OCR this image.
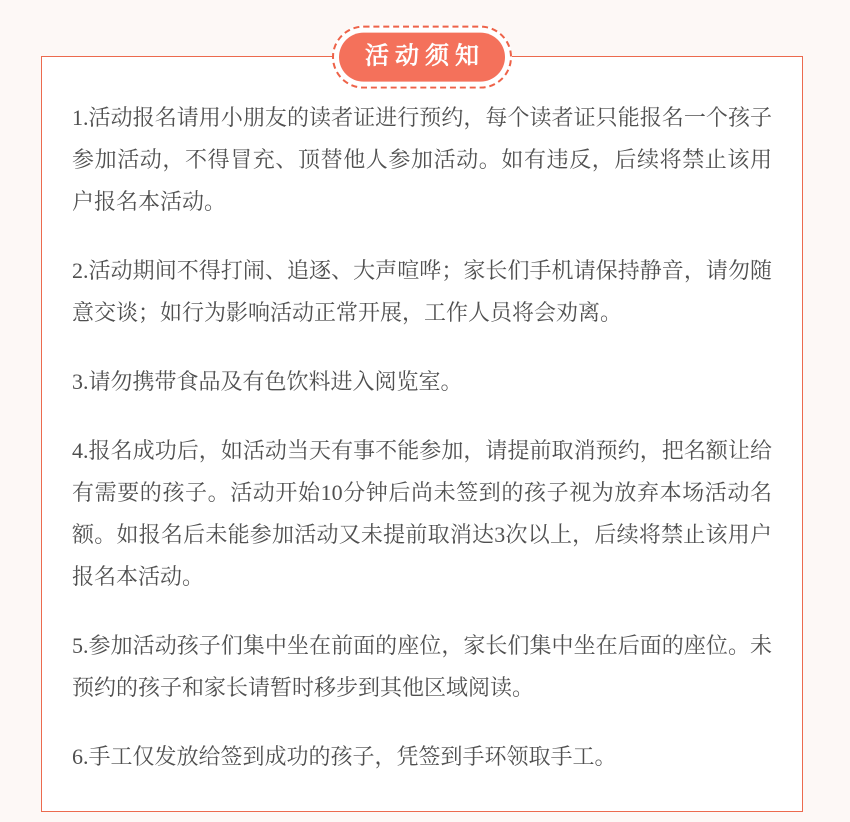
活动须知

1.活动报名请用小朋友的读者证进行预约，每个读者证只能报名一个孩子参加活动，不得冒充、顶替他人参加活动。如有违反，后续将禁止该用户报名本活动。

2.活动期间不得打闹、追逐、大声喧哗；家长们手机请保持静音，请勿随意交谈；如行为影响活动正常开展，工作人员将会劝离。

3.请勿携带食品及有色饮料进入阅览室。

4.报名成功后，如活动当天有事不能参加，请提前取消预约，把名额让给有需要的孩子。活动开始10分钟后尚未签到的孩子视为放弃本场活动名额。如报名后未能参加活动又未提前取消达3次以上，后续将禁止该用户报名本活动。

5.参加活动孩子们集中坐在前面的座位，家长们集中坐在后面的座位。未预约的孩子和家长请暂时移步到其他区域阅读。

6.手工仅发放给签到成功的孩子，凭签到手环领取手工。
